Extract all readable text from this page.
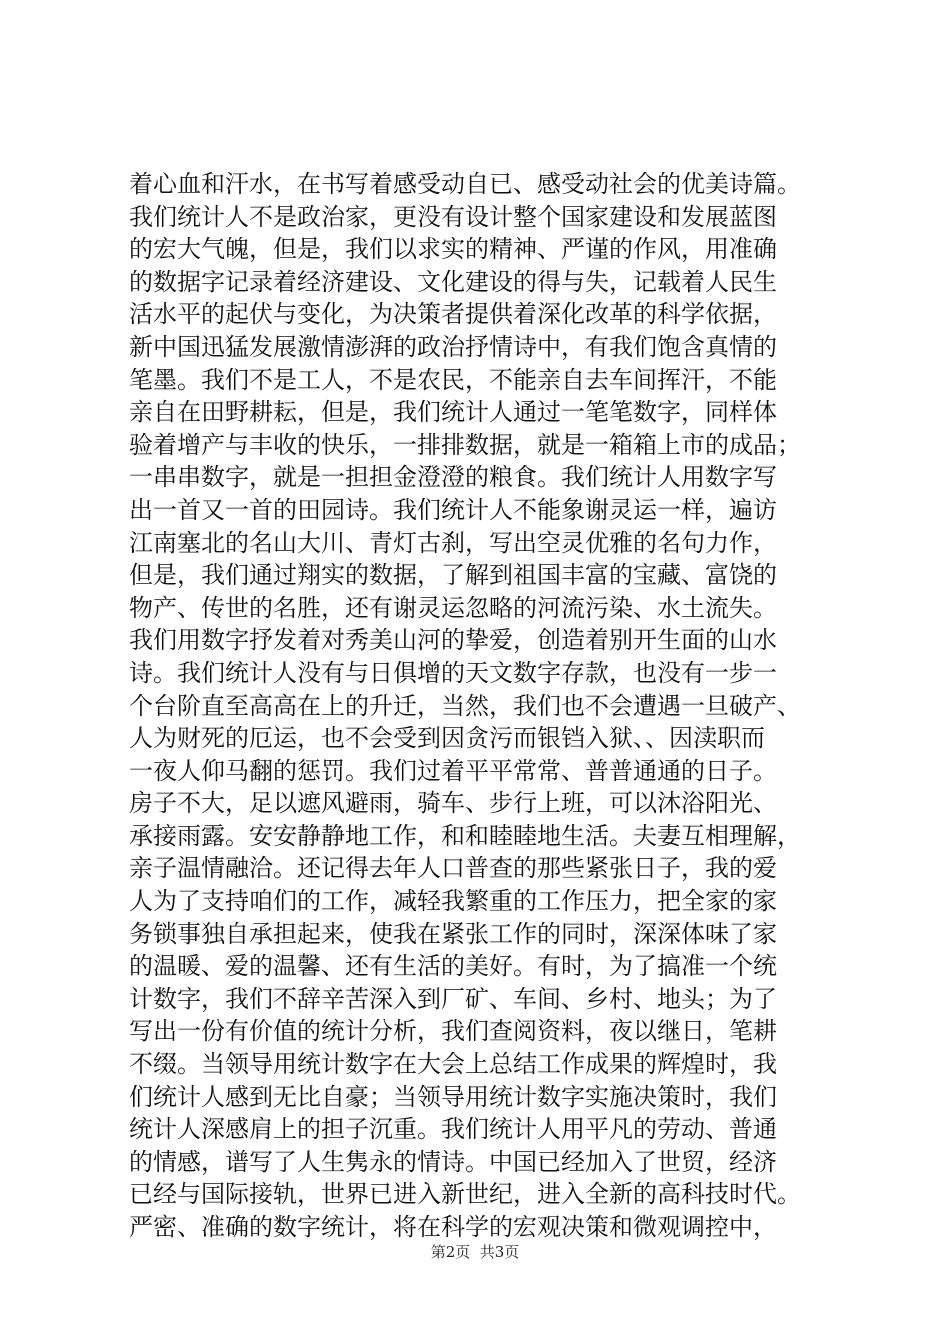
着心血和汗水，在书写着感受动自已、感受动社会的优美诗篇。
我们统计人不是政治家，更没有设计整个国家建设和发展蓝图
的宏大气魄，但是，我们以求实的精神、严谨的作风，用准确
的数据字记录着经济建设、文化建设的得与失，记载着人民生
活水平的起伏与变化，为决策者提供着深化改革的科学依据，
新中国迅猛发展激情澎湃的政治抒情诗中，有我们饱含真情的
笔墨。我们不是工人，不是农民，不能亲自去车间挥汗，不能
亲自在田野耕耘，但是，我们统计人通过一笔笔数字，同样体
验着增产与丰收的快乐，一排排数据，就是一箱箱上市的成品；
一串串数字，就是一担担金澄澄的粮食。我们统计人用数字写
出一首又一首的田园诗。我们统计人不能象谢灵运一样，遍访
江南塞北的名山大川、青灯古刹，写出空灵优雅的名句力作，
但是，我们通过翔实的数据，了解到祖国丰富的宝藏、富饶的
物产、传世的名胜，还有谢灵运忽略的河流污染、水土流失。
我们用数字抒发着对秀美山河的挚爱，创造着别开生面的山水
诗。我们统计人没有与日俱增的天文数字存款，也没有一步一
个台阶直至高高在上的升迁，当然，我们也不会遭遇一旦破产、
人为财死的厄运，也不会受到因贪污而银铛入狱、、因渎职而
一夜人仰马翻的惩罚。我们过着平平常常、普普通通的日子。
房子不大，足以遮风避雨，骑车、步行上班，可以沐浴阳光、
承接雨露。安安静静地工作，和和睦睦地生活。夫妻互相理解，
亲子温情融洽。还记得去年人口普查的那些紧张日子，我的爱
人为了支持咱们的工作，减轻我繁重的工作压力，把全家的家
务锁事独自承担起来，使我在紧张工作的同时，深深体味了家
的温暖、爱的温馨、还有生活的美好。有时，为了搞准一个统
计数字，我们不辞辛苦深入到厂矿、车间、乡村、地头；为了
写出一份有价值的统计分析，我们查阅资料，夜以继日，笔耕
不缀。当领导用统计数字在大会上总结工作成果的辉煌时，我
们统计人感到无比自豪；当领导用统计数字实施决策时，我们
统计人深感肩上的担子沉重。我们统计人用平凡的劳动、普通
的情感，谱写了人生隽永的情诗。中国已经加入了世贸，经济
已经与国际接轨，世界已进入新世纪，进入全新的高科技时代。
严密、准确的数字统计，将在科学的宏观决策和微观调控中，
第2页  共3页
